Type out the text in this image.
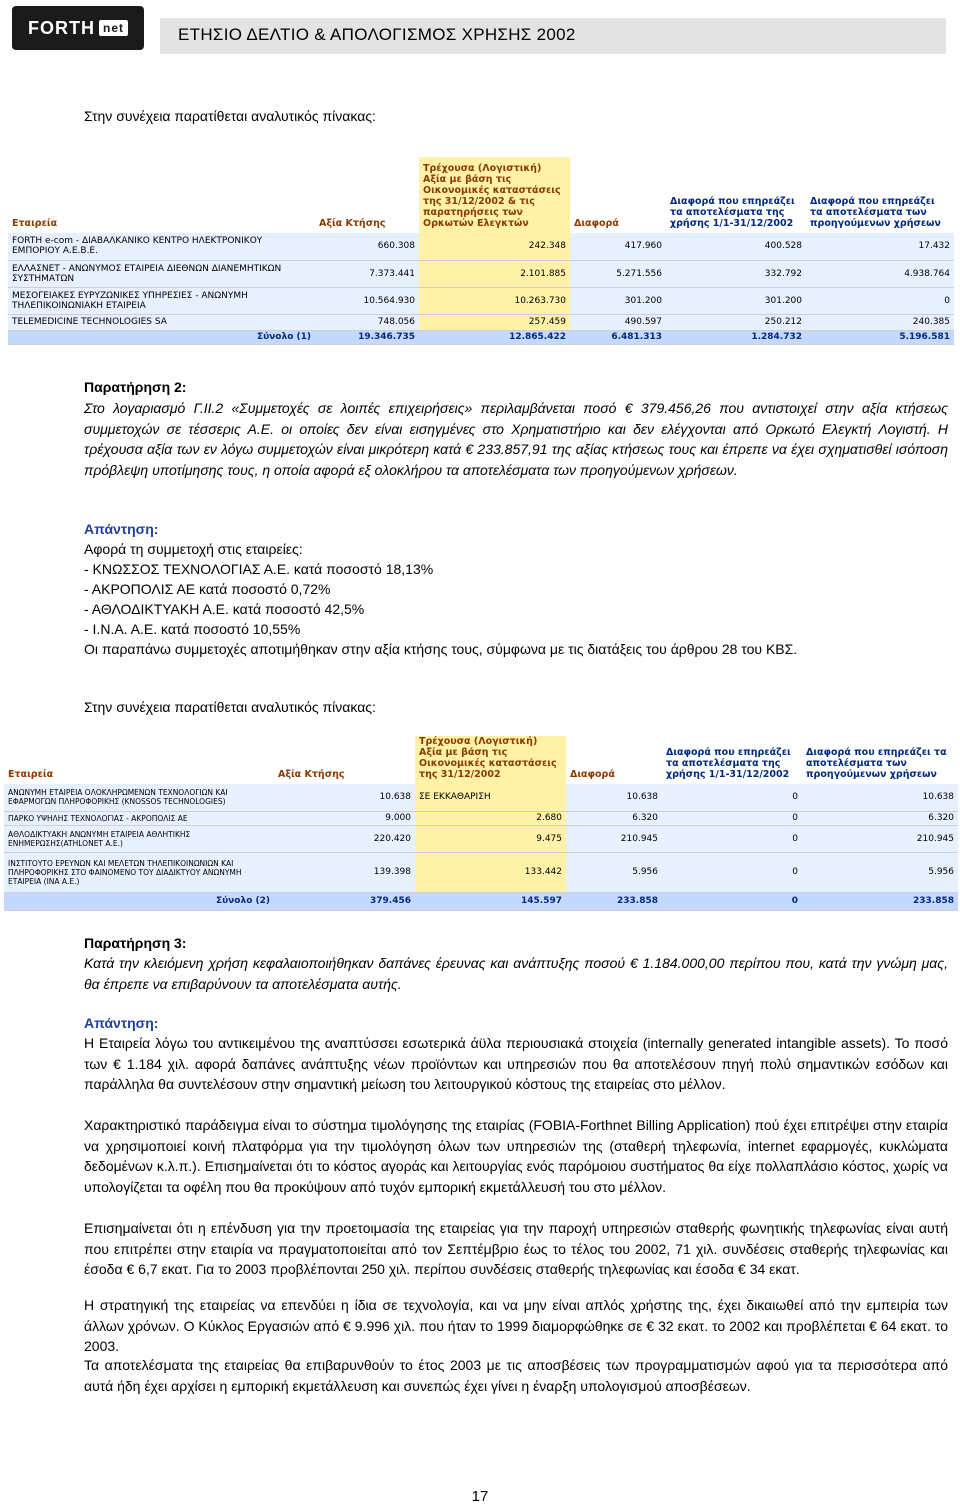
FORTH net	ΕΤΗΣΙΟ ΔΕΛΤΙΟ & ΑΠΟΛΟΓΙΣΜΟΣ ΧΡΗΣΗΣ 2002
Στην συνέχεια παρατίθεται αναλυτικός πίνακας:
Εταιρεία	Αξία Κτήσης	Τρέχουσα (Λογιστική) Αξία με βάση τις Οικονομικές καταστάσεις της 31/12/2002 & τις παρατηρήσεις των Ορκωτών Ελεγκτών	Διαφορά	Διαφορά που επηρεάζει τα αποτελέσματα της χρήσης 1/1-31/12/2002	Διαφορά που επηρεάζει τα αποτελέσματα των προηγούμενων χρήσεων
FORTH e-com - ΔΙΑΒΑΛΚΑΝΙΚΟ ΚΕΝΤΡΟ ΗΛΕΚΤΡΟΝΙΚΟΥ ΕΜΠΟΡΙΟΥ Α.Ε.Β.Ε.	660.308	242.348	417.960	400.528	17.432
ΕΛΛΑΣΝΕΤ - ΑΝΩΝΥΜΟΣ ΕΤΑΙΡΕΙΑ ΔΙΕΘΝΩΝ ΔΙΑΝΕΜΗΤΙΚΩΝ ΣΥΣΤΗΜΑΤΩΝ	7.373.441	2.101.885	5.271.556	332.792	4.938.764
ΜΕΣΟΓΕΙΑΚΕΣ ΕΥΡΥΖΩΝΙΚΕΣ ΥΠΗΡΕΣΙΕΣ - ΑΝΩΝΥΜΗ ΤΗΛΕΠΙΚΟΙΝΩΝΙΑΚΗ ΕΤΑΙΡΕΙΑ	10.564.930	10.263.730	301.200	301.200	0
TELEMEDICINE TECHNOLOGIES SA	748.056	257.459	490.597	250.212	240.385
Σύνολο (1)	19.346.735	12.865.422	6.481.313	1.284.732	5.196.581
Παρατήρηση 2:
Στο λογαριασμό Γ.ΙΙ.2 «Συμμετοχές σε λοιπές επιχειρήσεις» περιλαμβάνεται ποσό € 379.456,26 που αντιστοιχεί στην αξία κτήσεως συμμετοχών σε τέσσερις Α.Ε. οι οποίες δεν είναι εισηγμένες στο Χρηματιστήριο και δεν ελέγχονται από Ορκωτό Ελεγκτή Λογιστή. Η τρέχουσα αξία των εν λόγω συμμετοχών είναι μικρότερη κατά € 233.857,91 της αξίας κτήσεως τους και έπρεπε να έχει σχηματισθεί ισόποση πρόβλεψη υποτίμησης τους, η οποία αφορά εξ ολοκλήρου τα αποτελέσματα των προηγούμενων χρήσεων.
Απάντηση:
Αφορά τη συμμετοχή στις εταιρείες:
- ΚΝΩΣΣΟΣ ΤΕΧΝΟΛΟΓΙΑΣ Α.Ε. κατά ποσοστό 18,13%
- ΑΚΡΟΠΟΛΙΣ ΑΕ κατά ποσοστό 0,72%
- ΑΘΛΟΔΙΚΤΥΑΚΗ Α.Ε. κατά ποσοστό 42,5%
- Ι.Ν.Α. Α.Ε. κατά ποσοστό 10,55%
Οι παραπάνω συμμετοχές αποτιμήθηκαν στην αξία κτήσης τους, σύμφωνα με τις διατάξεις του άρθρου 28 του ΚΒΣ.
Στην συνέχεια παρατίθεται αναλυτικός πίνακας:
Εταιρεία	Αξία Κτήσης	Τρέχουσα (Λογιστική) Αξία με βάση τις Οικονομικές καταστάσεις της 31/12/2002	Διαφορά	Διαφορά που επηρεάζει τα αποτελέσματα της χρήσης 1/1-31/12/2002	Διαφορά που επηρεάζει τα αποτελέσματα των προηγούμενων χρήσεων
ΑΝΩΝΥΜΗ ΕΤΑΙΡΕΙΑ ΟΛΟΚΛΗΡΩΜΕΝΩΝ ΤΕΧΝΟΛΟΓΙΩΝ ΚΑΙ ΕΦΑΡΜΟΓΩΝ ΠΛΗΡΟΦΟΡΙΚΗΣ (KNOSSOS TECHNOLOGIES)	10.638	ΣΕ ΕΚΚΑΘΑΡΙΣΗ	10.638	0	10.638
ΠΑΡΚΟ ΥΨΗΛΗΣ ΤΕΧΝΟΛΟΓΙΑΣ - ΑΚΡΟΠΟΛΙΣ ΑΕ	9.000	2.680	6.320	0	6.320
ΑΘΛΟΔΙΚΤΥΑΚΗ ΑΝΩΝΥΜΗ ΕΤΑΙΡΕΙΑ ΑΘΛΗΤΙΚΗΣ ΕΝΗΜΕΡΩΣΗΣ(ATHLONET Α.Ε.)	220.420	9.475	210.945	0	210.945
ΙΝΣΤΙΤΟΥΤΟ ΕΡΕΥΝΩΝ ΚΑΙ ΜΕΛΕΤΩΝ ΤΗΛΕΠΙΚΟΙΝΩΝΙΩΝ ΚΑΙ ΠΛΗΡΟΦΟΡΙΚΗΣ ΣΤΟ ΦΑΙΝΟΜΕΝΟ ΤΟΥ ΔΙΑΔΙΚΤΥΟΥ ΑΝΩΝΥΜΗ ΕΤΑΙΡΕΙΑ (ΙΝΑ Α.Ε.)	139.398	133.442	5.956	0	5.956
Σύνολο (2)	379.456	145.597	233.858	0	233.858
Παρατήρηση 3:
Κατά την κλειόμενη χρήση κεφαλαιοποιήθηκαν δαπάνες έρευνας και ανάπτυξης ποσού € 1.184.000,00 περίπου που, κατά την γνώμη μας, θα έπρεπε να επιβαρύνουν τα αποτελέσματα αυτής.
Απάντηση:
Η Εταιρεία λόγω του αντικειμένου της αναπτύσσει εσωτερικά άϋλα περιουσιακά στοιχεία (internally generated intangible assets). Το ποσό των € 1.184 χιλ. αφορά δαπάνες ανάπτυξης νέων προϊόντων και υπηρεσιών που θα αποτελέσουν πηγή πολύ σημαντικών εσόδων και παράλληλα θα συντελέσουν στην σημαντική μείωση του λειτουργικού κόστους της εταιρείας στο μέλλον.
Χαρακτηριστικό παράδειγμα είναι το σύστημα τιμολόγησης της εταιρίας (FOBIA-Forthnet Billing Application) πού έχει επιτρέψει στην εταιρία να χρησιμοποιεί κοινή πλατφόρμα για την τιμολόγηση όλων των υπηρεσιών της (σταθερή τηλεφωνία, internet εφαρμογές, κυκλώματα δεδομένων κ.λ.π.). Επισημαίνεται ότι το κόστος αγοράς και λειτουργίας ενός παρόμοιου συστήματος θα είχε πολλαπλάσιο κόστος, χωρίς να υπολογίζεται τα οφέλη που θα προκύψουν από τυχόν εμπορική εκμετάλλευσή του στο μέλλον.
Επισημαίνεται ότι η επένδυση για την προετοιμασία της εταιρείας για την παροχή υπηρεσιών σταθερής φωνητικής τηλεφωνίας είναι αυτή που επιτρέπει στην εταιρία να πραγματοποιείται από τον Σεπτέμβριο έως το τέλος του 2002, 71 χιλ. συνδέσεις σταθερής τηλεφωνίας και έσοδα € 6,7 εκατ. Για το 2003 προβλέπονται 250 χιλ. περίπου συνδέσεις σταθερής τηλεφωνίας και έσοδα € 34 εκατ.
Η στρατηγική της εταιρείας να επενδύει η ίδια σε τεχνολογία, και να μην είναι απλός χρήστης της, έχει δικαιωθεί από την εμπειρία των άλλων χρόνων. Ο Κύκλος Εργασιών από € 9.996 χιλ. που ήταν το 1999 διαμορφώθηκε σε € 32 εκατ. το 2002 και προβλέπεται € 64 εκατ. το 2003.
Τα αποτελέσματα της εταιρείας θα επιβαρυνθούν το έτος 2003 με τις αποσβέσεις των προγραμματισμών αφού για τα περισσότερα από αυτά ήδη έχει αρχίσει η εμπορική εκμετάλλευση και συνεπώς έχει γίνει η έναρξη υπολογισμού αποσβέσεων.
17
